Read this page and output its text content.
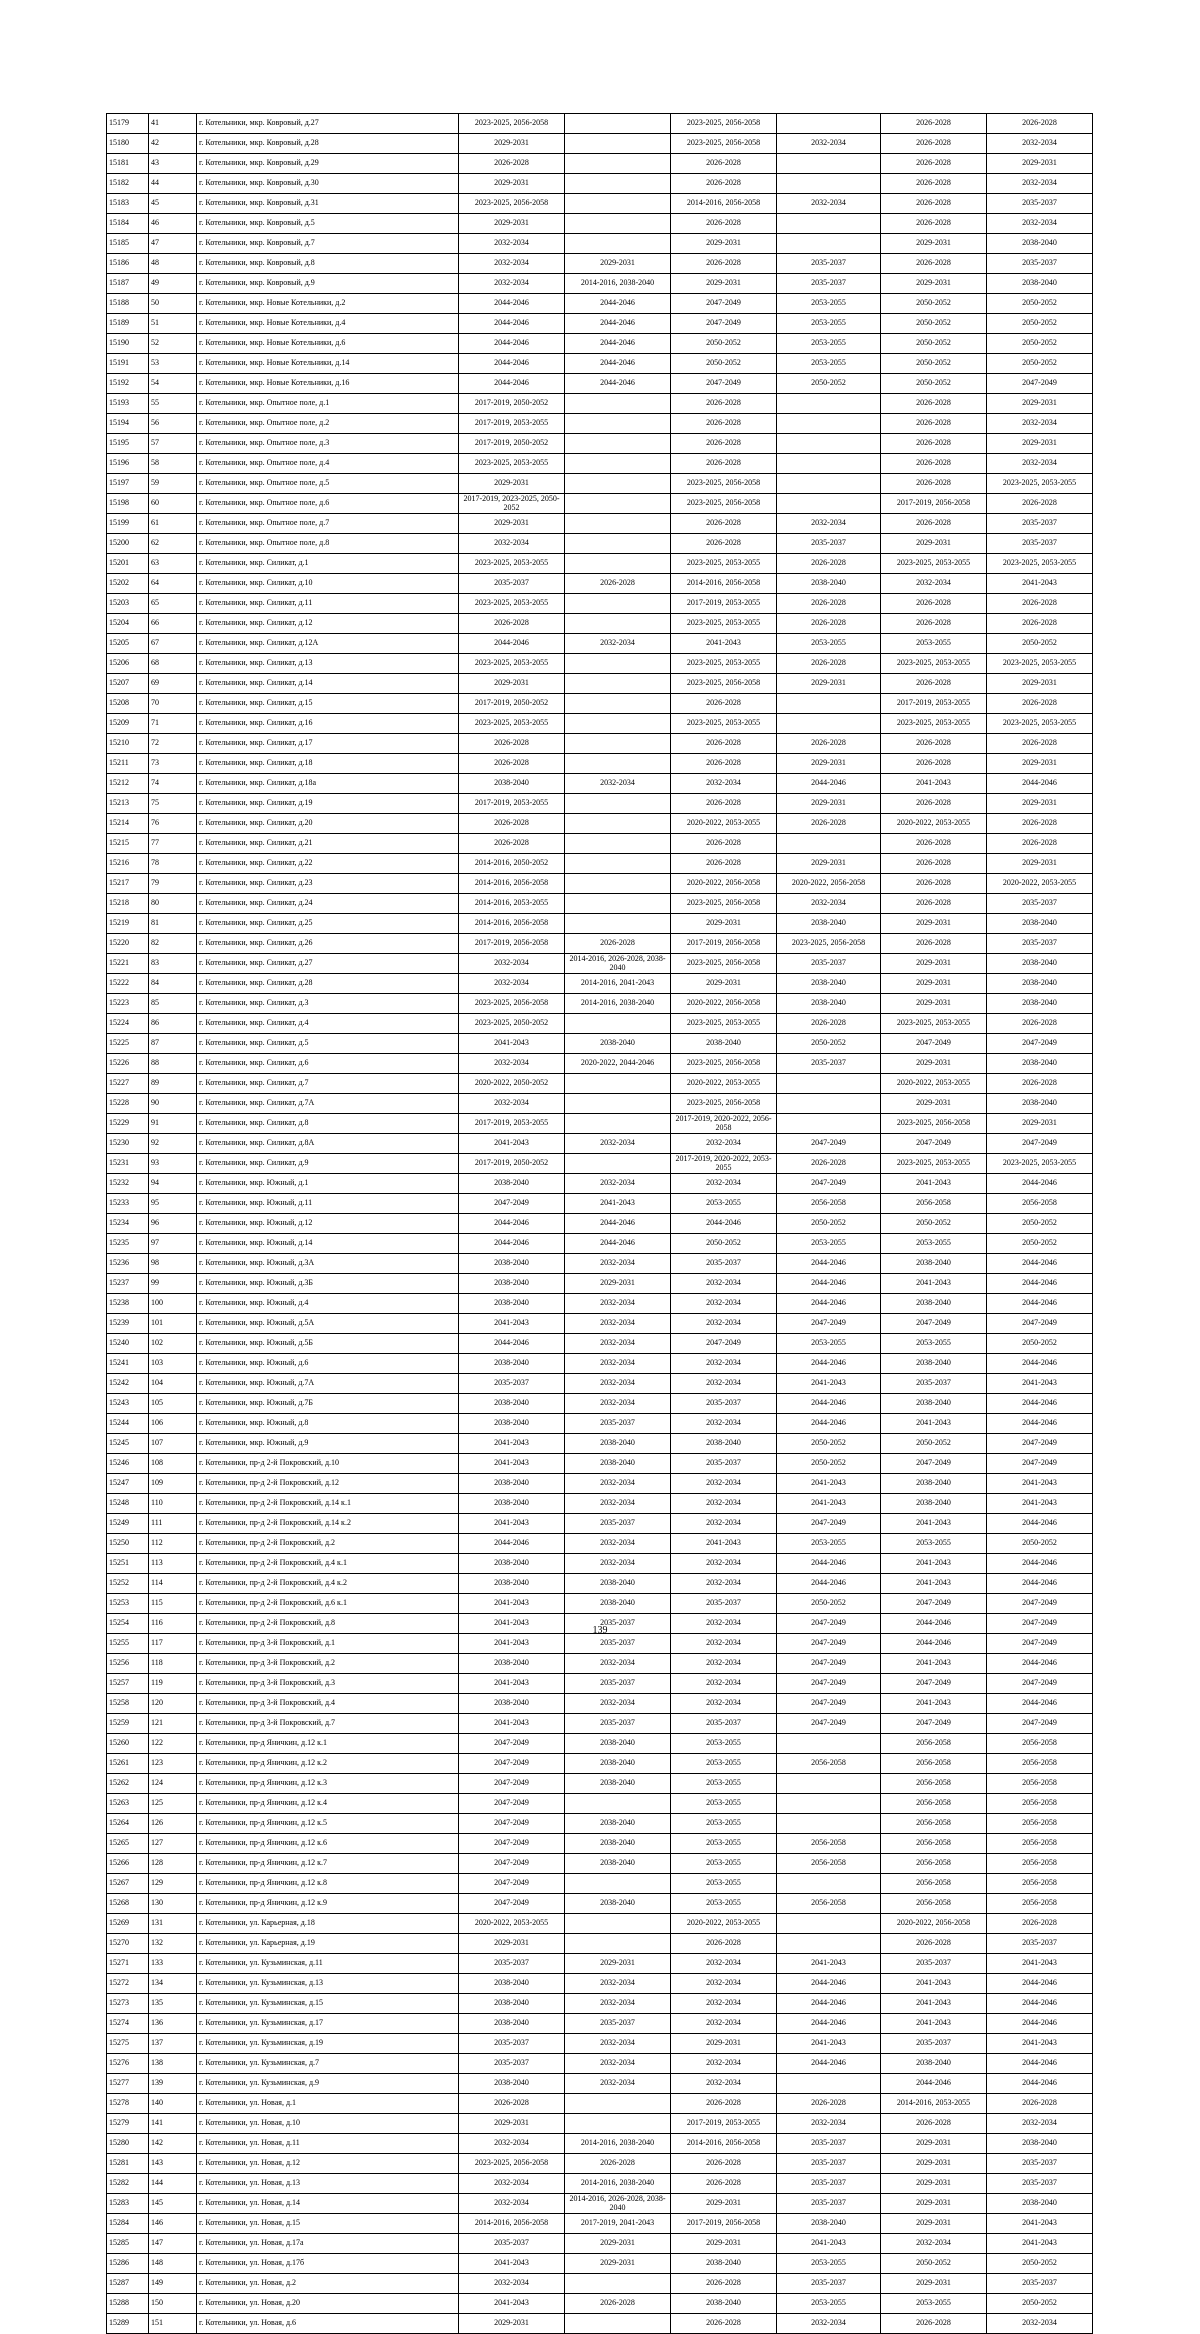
15179	41	г. Котельники, мкр. Ковровый, д.27	2023-2025, 2056-2058		2023-2025, 2056-2058		2026-2028	2026-2028
15180	42	г. Котельники, мкр. Ковровый, д.28	2029-2031		2023-2025, 2056-2058	2032-2034	2026-2028	2032-2034
15181	43	г. Котельники, мкр. Ковровый, д.29	2026-2028		2026-2028		2026-2028	2029-2031
15182	44	г. Котельники, мкр. Ковровый, д.30	2029-2031		2026-2028		2026-2028	2032-2034
15183	45	г. Котельники, мкр. Ковровый, д.31	2023-2025, 2056-2058		2014-2016, 2056-2058	2032-2034	2026-2028	2035-2037
15184	46	г. Котельники, мкр. Ковровый, д.5	2029-2031		2026-2028		2026-2028	2032-2034
15185	47	г. Котельники, мкр. Ковровый, д.7	2032-2034		2029-2031		2029-2031	2038-2040
15186	48	г. Котельники, мкр. Ковровый, д.8	2032-2034	2029-2031	2026-2028	2035-2037	2026-2028	2035-2037
15187	49	г. Котельники, мкр. Ковровый, д.9	2032-2034	2014-2016, 2038-2040	2029-2031	2035-2037	2029-2031	2038-2040
15188	50	г. Котельники, мкр. Новые Котельники, д.2	2044-2046	2044-2046	2047-2049	2053-2055	2050-2052	2050-2052
15189	51	г. Котельники, мкр. Новые Котельники, д.4	2044-2046	2044-2046	2047-2049	2053-2055	2050-2052	2050-2052
15190	52	г. Котельники, мкр. Новые Котельники, д.6	2044-2046	2044-2046	2050-2052	2053-2055	2050-2052	2050-2052
15191	53	г. Котельники, мкр. Новые Котельники, д.14	2044-2046	2044-2046	2050-2052	2053-2055	2050-2052	2050-2052
15192	54	г. Котельники, мкр. Новые Котельники, д.16	2044-2046	2044-2046	2047-2049	2050-2052	2050-2052	2047-2049
15193	55	г. Котельники, мкр. Опытное поле, д.1	2017-2019, 2050-2052		2026-2028		2026-2028	2029-2031
15194	56	г. Котельники, мкр. Опытное поле, д.2	2017-2019, 2053-2055		2026-2028		2026-2028	2032-2034
15195	57	г. Котельники, мкр. Опытное поле, д.3	2017-2019, 2050-2052		2026-2028		2026-2028	2029-2031
15196	58	г. Котельники, мкр. Опытное поле, д.4	2023-2025, 2053-2055		2026-2028		2026-2028	2032-2034
15197	59	г. Котельники, мкр. Опытное поле, д.5	2029-2031		2023-2025, 2056-2058		2026-2028	2023-2025, 2053-2055
15198	60	г. Котельники, мкр. Опытное поле, д.6	2017-2019, 2023-2025, 2050-2052		2023-2025, 2056-2058		2017-2019, 2056-2058	2026-2028
15199	61	г. Котельники, мкр. Опытное поле, д.7	2029-2031		2026-2028	2032-2034	2026-2028	2035-2037
15200	62	г. Котельники, мкр. Опытное поле, д.8	2032-2034		2026-2028	2035-2037	2029-2031	2035-2037
15201	63	г. Котельники, мкр. Силикат, д.1	2023-2025, 2053-2055		2023-2025, 2053-2055	2026-2028	2023-2025, 2053-2055	2023-2025, 2053-2055
15202	64	г. Котельники, мкр. Силикат, д.10	2035-2037	2026-2028	2014-2016, 2056-2058	2038-2040	2032-2034	2041-2043
15203	65	г. Котельники, мкр. Силикат, д.11	2023-2025, 2053-2055		2017-2019, 2053-2055	2026-2028	2026-2028	2026-2028
15204	66	г. Котельники, мкр. Силикат, д.12	2026-2028		2023-2025, 2053-2055	2026-2028	2026-2028	2026-2028
15205	67	г. Котельники, мкр. Силикат, д.12А	2044-2046	2032-2034	2041-2043	2053-2055	2053-2055	2050-2052
15206	68	г. Котельники, мкр. Силикат, д.13	2023-2025, 2053-2055		2023-2025, 2053-2055	2026-2028	2023-2025, 2053-2055	2023-2025, 2053-2055
15207	69	г. Котельники, мкр. Силикат, д.14	2029-2031		2023-2025, 2056-2058	2029-2031	2026-2028	2029-2031
15208	70	г. Котельники, мкр. Силикат, д.15	2017-2019, 2050-2052		2026-2028		2017-2019, 2053-2055	2026-2028
15209	71	г. Котельники, мкр. Силикат, д.16	2023-2025, 2053-2055		2023-2025, 2053-2055		2023-2025, 2053-2055	2023-2025, 2053-2055
15210	72	г. Котельники, мкр. Силикат, д.17	2026-2028		2026-2028	2026-2028	2026-2028	2026-2028
15211	73	г. Котельники, мкр. Силикат, д.18	2026-2028		2026-2028	2029-2031	2026-2028	2029-2031
15212	74	г. Котельники, мкр. Силикат, д.18а	2038-2040	2032-2034	2032-2034	2044-2046	2041-2043	2044-2046
15213	75	г. Котельники, мкр. Силикат, д.19	2017-2019, 2053-2055		2026-2028	2029-2031	2026-2028	2029-2031
15214	76	г. Котельники, мкр. Силикат, д.20	2026-2028		2020-2022, 2053-2055	2026-2028	2020-2022, 2053-2055	2026-2028
15215	77	г. Котельники, мкр. Силикат, д.21	2026-2028		2026-2028		2026-2028	2026-2028
15216	78	г. Котельники, мкр. Силикат, д.22	2014-2016, 2050-2052		2026-2028	2029-2031	2026-2028	2029-2031
15217	79	г. Котельники, мкр. Силикат, д.23	2014-2016, 2056-2058		2020-2022, 2056-2058	2020-2022, 2056-2058	2026-2028	2020-2022, 2053-2055
15218	80	г. Котельники, мкр. Силикат, д.24	2014-2016, 2053-2055		2023-2025, 2056-2058	2032-2034	2026-2028	2035-2037
15219	81	г. Котельники, мкр. Силикат, д.25	2014-2016, 2056-2058		2029-2031	2038-2040	2029-2031	2038-2040
15220	82	г. Котельники, мкр. Силикат, д.26	2017-2019, 2056-2058	2026-2028	2017-2019, 2056-2058	2023-2025, 2056-2058	2026-2028	2035-2037
15221	83	г. Котельники, мкр. Силикат, д.27	2032-2034	2014-2016, 2026-2028, 2038-2040	2023-2025, 2056-2058	2035-2037	2029-2031	2038-2040
15222	84	г. Котельники, мкр. Силикат, д.28	2032-2034	2014-2016, 2041-2043	2029-2031	2038-2040	2029-2031	2038-2040
15223	85	г. Котельники, мкр. Силикат, д.3	2023-2025, 2056-2058	2014-2016, 2038-2040	2020-2022, 2056-2058	2038-2040	2029-2031	2038-2040
15224	86	г. Котельники, мкр. Силикат, д.4	2023-2025, 2050-2052		2023-2025, 2053-2055	2026-2028	2023-2025, 2053-2055	2026-2028
15225	87	г. Котельники, мкр. Силикат, д.5	2041-2043	2038-2040	2038-2040	2050-2052	2047-2049	2047-2049
15226	88	г. Котельники, мкр. Силикат, д.6	2032-2034	2020-2022, 2044-2046	2023-2025, 2056-2058	2035-2037	2029-2031	2038-2040
15227	89	г. Котельники, мкр. Силикат, д.7	2020-2022, 2050-2052		2020-2022, 2053-2055		2020-2022, 2053-2055	2026-2028
15228	90	г. Котельники, мкр. Силикат, д.7А	2032-2034		2023-2025, 2056-2058		2029-2031	2038-2040
15229	91	г. Котельники, мкр. Силикат, д.8	2017-2019, 2053-2055		2017-2019, 2020-2022, 2056-2058		2023-2025, 2056-2058	2029-2031
15230	92	г. Котельники, мкр. Силикат, д.8А	2041-2043	2032-2034	2032-2034	2047-2049	2047-2049	2047-2049
15231	93	г. Котельники, мкр. Силикат, д.9	2017-2019, 2050-2052		2017-2019, 2020-2022, 2053-2055	2026-2028	2023-2025, 2053-2055	2023-2025, 2053-2055
15232	94	г. Котельники, мкр. Южный, д.1	2038-2040	2032-2034	2032-2034	2047-2049	2041-2043	2044-2046
15233	95	г. Котельники, мкр. Южный, д.11	2047-2049	2041-2043	2053-2055	2056-2058	2056-2058	2056-2058
15234	96	г. Котельники, мкр. Южный, д.12	2044-2046	2044-2046	2044-2046	2050-2052	2050-2052	2050-2052
15235	97	г. Котельники, мкр. Южный, д.14	2044-2046	2044-2046	2050-2052	2053-2055	2053-2055	2050-2052
15236	98	г. Котельники, мкр. Южный, д.3А	2038-2040	2032-2034	2035-2037	2044-2046	2038-2040	2044-2046
15237	99	г. Котельники, мкр. Южный, д.3Б	2038-2040	2029-2031	2032-2034	2044-2046	2041-2043	2044-2046
15238	100	г. Котельники, мкр. Южный, д.4	2038-2040	2032-2034	2032-2034	2044-2046	2038-2040	2044-2046
15239	101	г. Котельники, мкр. Южный, д.5А	2041-2043	2032-2034	2032-2034	2047-2049	2047-2049	2047-2049
15240	102	г. Котельники, мкр. Южный, д.5Б	2044-2046	2032-2034	2047-2049	2053-2055	2053-2055	2050-2052
15241	103	г. Котельники, мкр. Южный, д.6	2038-2040	2032-2034	2032-2034	2044-2046	2038-2040	2044-2046
15242	104	г. Котельники, мкр. Южный, д.7А	2035-2037	2032-2034	2032-2034	2041-2043	2035-2037	2041-2043
15243	105	г. Котельники, мкр. Южный, д.7Б	2038-2040	2032-2034	2035-2037	2044-2046	2038-2040	2044-2046
15244	106	г. Котельники, мкр. Южный, д.8	2038-2040	2035-2037	2032-2034	2044-2046	2041-2043	2044-2046
15245	107	г. Котельники, мкр. Южный, д.9	2041-2043	2038-2040	2038-2040	2050-2052	2050-2052	2047-2049
15246	108	г. Котельники, пр-д 2-й Покровский, д.10	2041-2043	2038-2040	2035-2037	2050-2052	2047-2049	2047-2049
15247	109	г. Котельники, пр-д 2-й Покровский, д.12	2038-2040	2032-2034	2032-2034	2041-2043	2038-2040	2041-2043
15248	110	г. Котельники, пр-д 2-й Покровский, д.14 к.1	2038-2040	2032-2034	2032-2034	2041-2043	2038-2040	2041-2043
15249	111	г. Котельники, пр-д 2-й Покровский, д.14 к.2	2041-2043	2035-2037	2032-2034	2047-2049	2041-2043	2044-2046
15250	112	г. Котельники, пр-д 2-й Покровский, д.2	2044-2046	2032-2034	2041-2043	2053-2055	2053-2055	2050-2052
15251	113	г. Котельники, пр-д 2-й Покровский, д.4 к.1	2038-2040	2032-2034	2032-2034	2044-2046	2041-2043	2044-2046
15252	114	г. Котельники, пр-д 2-й Покровский, д.4 к.2	2038-2040	2038-2040	2032-2034	2044-2046	2041-2043	2044-2046
15253	115	г. Котельники, пр-д 2-й Покровский, д.6 к.1	2041-2043	2038-2040	2035-2037	2050-2052	2047-2049	2047-2049
15254	116	г. Котельники, пр-д 2-й Покровский, д.8	2041-2043	2035-2037	2032-2034	2047-2049	2044-2046	2047-2049
15255	117	г. Котельники, пр-д 3-й Покровский, д.1	2041-2043	2035-2037	2032-2034	2047-2049	2044-2046	2047-2049
15256	118	г. Котельники, пр-д 3-й Покровский, д.2	2038-2040	2032-2034	2032-2034	2047-2049	2041-2043	2044-2046
15257	119	г. Котельники, пр-д 3-й Покровский, д.3	2041-2043	2035-2037	2032-2034	2047-2049	2047-2049	2047-2049
15258	120	г. Котельники, пр-д 3-й Покровский, д.4	2038-2040	2032-2034	2032-2034	2047-2049	2041-2043	2044-2046
15259	121	г. Котельники, пр-д 3-й Покровский, д.7	2041-2043	2035-2037	2035-2037	2047-2049	2047-2049	2047-2049
15260	122	г. Котельники, пр-д Яничкин, д.12 к.1	2047-2049	2038-2040	2053-2055		2056-2058	2056-2058
15261	123	г. Котельники, пр-д Яничкин, д.12 к.2	2047-2049	2038-2040	2053-2055	2056-2058	2056-2058	2056-2058
15262	124	г. Котельники, пр-д Яничкин, д.12 к.3	2047-2049	2038-2040	2053-2055		2056-2058	2056-2058
15263	125	г. Котельники, пр-д Яничкин, д.12 к.4	2047-2049		2053-2055		2056-2058	2056-2058
15264	126	г. Котельники, пр-д Яничкин, д.12 к.5	2047-2049	2038-2040	2053-2055		2056-2058	2056-2058
15265	127	г. Котельники, пр-д Яничкин, д.12 к.6	2047-2049	2038-2040	2053-2055	2056-2058	2056-2058	2056-2058
15266	128	г. Котельники, пр-д Яничкин, д.12 к.7	2047-2049	2038-2040	2053-2055	2056-2058	2056-2058	2056-2058
15267	129	г. Котельники, пр-д Яничкин, д.12 к.8	2047-2049		2053-2055		2056-2058	2056-2058
15268	130	г. Котельники, пр-д Яничкин, д.12 к.9	2047-2049	2038-2040	2053-2055	2056-2058	2056-2058	2056-2058
15269	131	г. Котельники, ул. Карьерная, д.18	2020-2022, 2053-2055		2020-2022, 2053-2055		2020-2022, 2056-2058	2026-2028
15270	132	г. Котельники, ул. Карьерная, д.19	2029-2031		2026-2028		2026-2028	2035-2037
15271	133	г. Котельники, ул. Кузьминская, д.11	2035-2037	2029-2031	2032-2034	2041-2043	2035-2037	2041-2043
15272	134	г. Котельники, ул. Кузьминская, д.13	2038-2040	2032-2034	2032-2034	2044-2046	2041-2043	2044-2046
15273	135	г. Котельники, ул. Кузьминская, д.15	2038-2040	2032-2034	2032-2034	2044-2046	2041-2043	2044-2046
15274	136	г. Котельники, ул. Кузьминская, д.17	2038-2040	2035-2037	2032-2034	2044-2046	2041-2043	2044-2046
15275	137	г. Котельники, ул. Кузьминская, д.19	2035-2037	2032-2034	2029-2031	2041-2043	2035-2037	2041-2043
15276	138	г. Котельники, ул. Кузьминская, д.7	2035-2037	2032-2034	2032-2034	2044-2046	2038-2040	2044-2046
15277	139	г. Котельники, ул. Кузьминская, д.9	2038-2040	2032-2034	2032-2034		2044-2046	2044-2046
15278	140	г. Котельники, ул. Новая, д.1	2026-2028		2026-2028	2026-2028	2014-2016, 2053-2055	2026-2028
15279	141	г. Котельники, ул. Новая, д.10	2029-2031		2017-2019, 2053-2055	2032-2034	2026-2028	2032-2034
15280	142	г. Котельники, ул. Новая, д.11	2032-2034	2014-2016, 2038-2040	2014-2016, 2056-2058	2035-2037	2029-2031	2038-2040
15281	143	г. Котельники, ул. Новая, д.12	2023-2025, 2056-2058	2026-2028	2026-2028	2035-2037	2029-2031	2035-2037
15282	144	г. Котельники, ул. Новая, д.13	2032-2034	2014-2016, 2038-2040	2026-2028	2035-2037	2029-2031	2035-2037
15283	145	г. Котельники, ул. Новая, д.14	2032-2034	2014-2016, 2026-2028, 2038-2040	2029-2031	2035-2037	2029-2031	2038-2040
15284	146	г. Котельники, ул. Новая, д.15	2014-2016, 2056-2058	2017-2019, 2041-2043	2017-2019, 2056-2058	2038-2040	2029-2031	2041-2043
15285	147	г. Котельники, ул. Новая, д.17а	2035-2037	2029-2031	2029-2031	2041-2043	2032-2034	2041-2043
15286	148	г. Котельники, ул. Новая, д.17б	2041-2043	2029-2031	2038-2040	2053-2055	2050-2052	2050-2052
15287	149	г. Котельники, ул. Новая, д.2	2032-2034		2026-2028	2035-2037	2029-2031	2035-2037
15288	150	г. Котельники, ул. Новая, д.20	2041-2043	2026-2028	2038-2040	2053-2055	2053-2055	2050-2052
15289	151	г. Котельники, ул. Новая, д.6	2029-2031		2026-2028	2032-2034	2026-2028	2032-2034
139
